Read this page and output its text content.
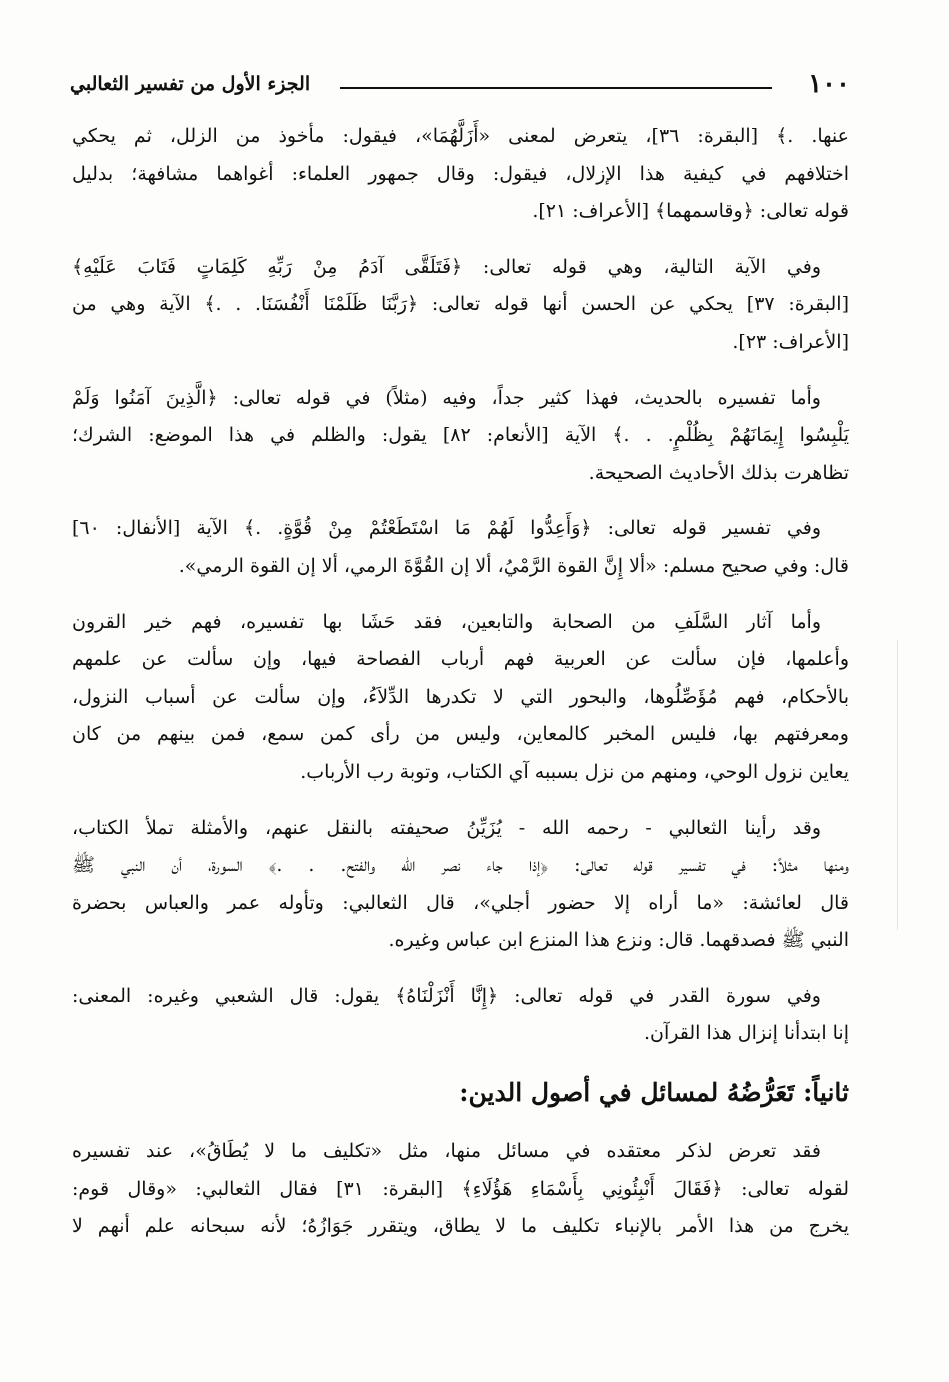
١٠٠
الجزء الأول من تفسير الثعالبي

عنها. .﴾ [البقرة: ٣٦]، يتعرض لمعنى «أَزَلَّهُمَا»، فيقول: مأخوذ من الزلل، ثم يحكي
اختلافهم في كيفية هذا الإزلال، فيقول: وقال جمهور العلماء: أغواهما مشافهة؛ بدليل
قوله تعالى: ﴿وقاسمهما﴾ [الأعراف: ٢١].

وفي الآية التالية، وهي قوله تعالى: ﴿فَتَلَقَّى آدَمُ مِنْ رَبِّهِ كَلِمَاتٍ فَتَابَ عَلَيْهِ﴾
[البقرة: ٣٧] يحكي عن الحسن أنها قوله تعالى: ﴿رَبَّنَا ظَلَمْنَا أَنْفُسَنَا. . .﴾ الآية وهي من
[الأعراف: ٢٣].

وأما تفسيره بالحديث، فهذا كثير جداً، وفيه (مثلاً) في قوله تعالى: ﴿الَّذِينَ آمَنُوا وَلَمْ
يَلْبِسُوا إِيمَانَهُمْ بِظُلْمٍ. . .﴾ الآية [الأنعام: ٨٢] يقول: والظلم في هذا الموضع: الشرك؛
تظاهرت بذلك الأحاديث الصحيحة.

وفي تفسير قوله تعالى: ﴿وَأَعِدُّوا لَهُمْ مَا اسْتَطَعْتُمْ مِنْ قُوَّةٍ. .﴾ الآية [الأنفال: ٦٠]
قال: وفي صحيح مسلم: «ألا إِنَّ القوة الرَّمْيُ، ألا إن القُوَّةَ الرمي، ألا إن القوة الرمي».

وأما آثار السَّلَفِ من الصحابة والتابعين، فقد حَشَا بها تفسيره، فهم خير القرون
وأعلمها، فإن سألت عن العربية فهم أرباب الفصاحة فيها، وإن سألت عن علمهم
بالأحكام، فهم مُؤَصِّلُوها، والبحور التي لا تكدرها الدِّلاَءُ، وإن سألت عن أسباب النزول،
ومعرفتهم بها، فليس المخبر كالمعاين، وليس من رأى كمن سمع، فمن بينهم من كان
يعاين نزول الوحي، ومنهم من نزل بسببه آي الكتاب، وتوبة رب الأرباب.

وقد رأينا الثعالبي - رحمه الله - يُزَيِّنُ صحيفته بالنقل عنهم، والأمثلة تملأ الكتاب،
ومنها مثلاً: في تفسير قوله تعالى: ﴿إذا جاء نصر الله والفتح. . .﴾ السورة، أن النبي ﷺ
قال لعائشة: «ما أراه إلا حضور أجلي»، قال الثعالبي: وتأوله عمر والعباس بحضرة
النبي ﷺ فصدقهما. قال: ونزع هذا المنزع ابن عباس وغيره.

وفي سورة القدر في قوله تعالى: ﴿إِنَّا أَنْزَلْنَاهُ﴾ يقول: قال الشعبي وغيره: المعنى:
إنا ابتدأنا إنزال هذا القرآن.

ثانياً: تَعَرُّضُهُ لمسائل في أصول الدين:

فقد تعرض لذكر معتقده في مسائل منها، مثل «تكليف ما لا يُطَاقُ»، عند تفسيره
لقوله تعالى: ﴿فَقَالَ أَنْبِئُونِي بِأَسْمَاءِ هَؤُلَاءِ﴾ [البقرة: ٣١] فقال الثعالبي: «وقال قوم:
يخرج من هذا الأمر بالإنباء تكليف ما لا يطاق، ويتقرر جَوَازُهُ؛ لأنه سبحانه علم أنهم لا
